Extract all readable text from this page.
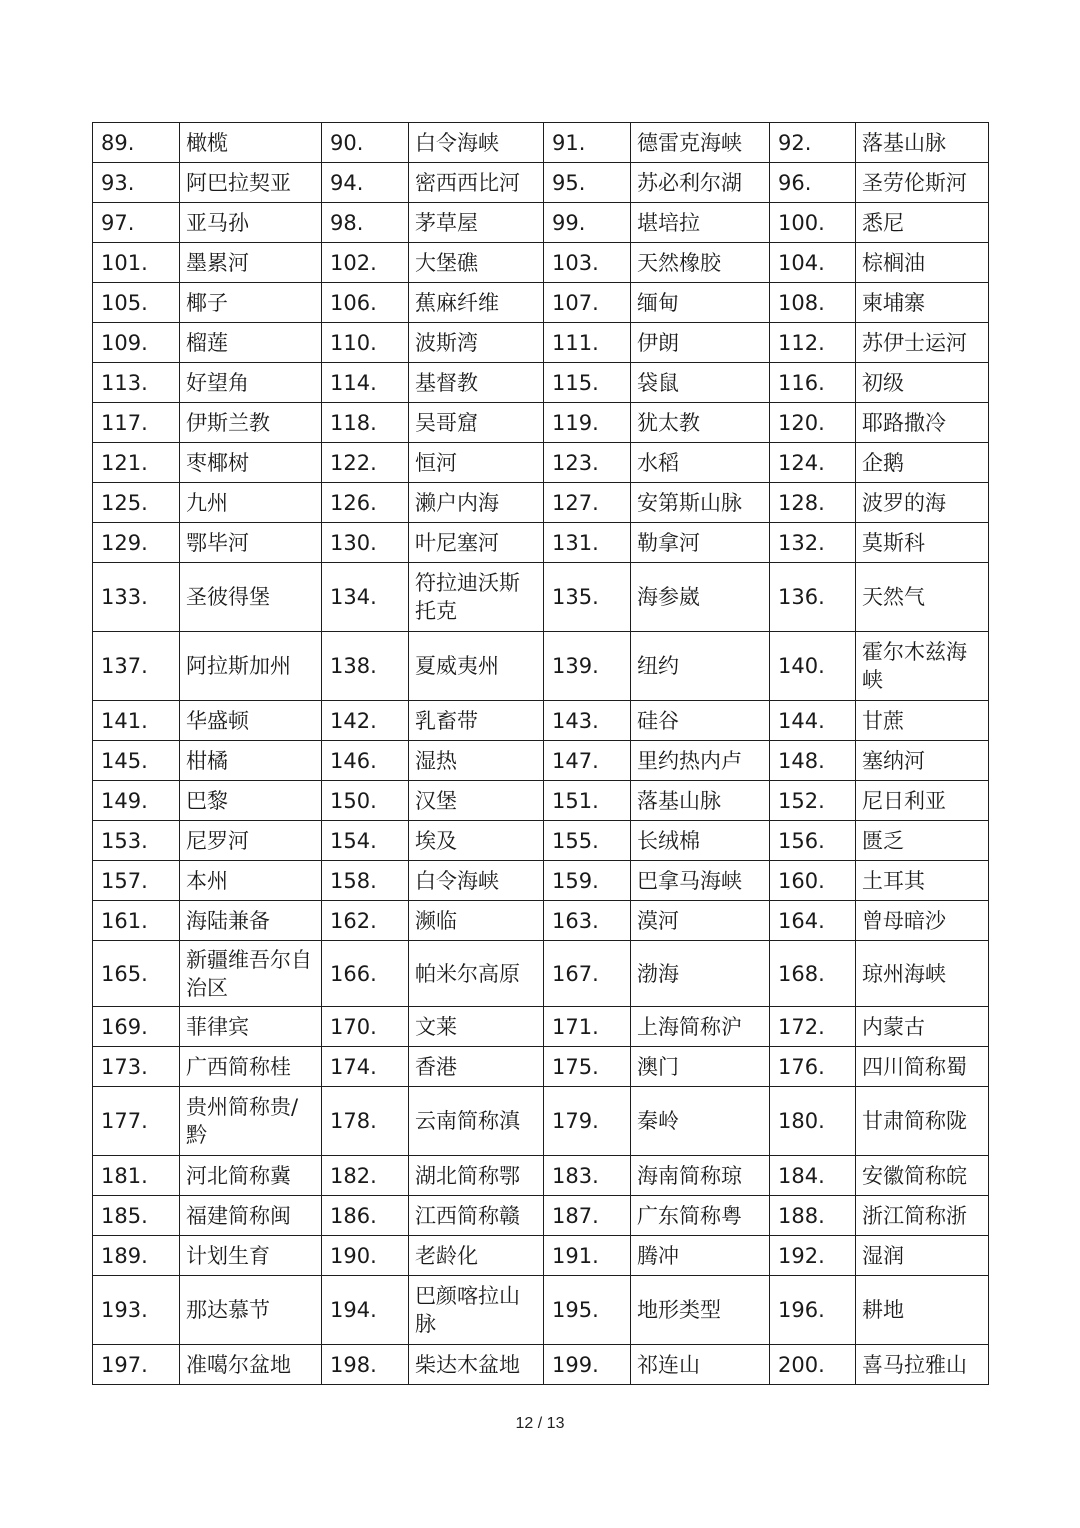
89.	橄榄	90.	白令海峡	91.	德雷克海峡	92.	落基山脉
93.	阿巴拉契亚	94.	密西西比河	95.	苏必利尔湖	96.	圣劳伦斯河
97.	亚马孙	98.	茅草屋	99.	堪培拉	100.	悉尼
101.	墨累河	102.	大堡礁	103.	天然橡胶	104.	棕榈油
105.	椰子	106.	蕉麻纤维	107.	缅甸	108.	柬埔寨
109.	榴莲	110.	波斯湾	111.	伊朗	112.	苏伊士运河
113.	好望角	114.	基督教	115.	袋鼠	116.	初级
117.	伊斯兰教	118.	吴哥窟	119.	犹太教	120.	耶路撒冷
121.	枣椰树	122.	恒河	123.	水稻	124.	企鹅
125.	九州	126.	濑户内海	127.	安第斯山脉	128.	波罗的海
129.	鄂毕河	130.	叶尼塞河	131.	勒拿河	132.	莫斯科
133.	圣彼得堡	134.	符拉迪沃斯托克	135.	海参崴	136.	天然气
137.	阿拉斯加州	138.	夏威夷州	139.	纽约	140.	霍尔木兹海峡
141.	华盛顿	142.	乳畜带	143.	硅谷	144.	甘蔗
145.	柑橘	146.	湿热	147.	里约热内卢	148.	塞纳河
149.	巴黎	150.	汉堡	151.	落基山脉	152.	尼日利亚
153.	尼罗河	154.	埃及	155.	长绒棉	156.	匮乏
157.	本州	158.	白令海峡	159.	巴拿马海峡	160.	土耳其
161.	海陆兼备	162.	濒临	163.	漠河	164.	曾母暗沙
165.	新疆维吾尔自治区	166.	帕米尔高原	167.	渤海	168.	琼州海峡
169.	菲律宾	170.	文莱	171.	上海简称沪	172.	内蒙古
173.	广西简称桂	174.	香港	175.	澳门	176.	四川简称蜀
177.	贵州简称贵/黔	178.	云南简称滇	179.	秦岭	180.	甘肃简称陇
181.	河北简称冀	182.	湖北简称鄂	183.	海南简称琼	184.	安徽简称皖
185.	福建简称闽	186.	江西简称赣	187.	广东简称粤	188.	浙江简称浙
189.	计划生育	190.	老龄化	191.	腾冲	192.	湿润
193.	那达慕节	194.	巴颜喀拉山脉	195.	地形类型	196.	耕地
197.	准噶尔盆地	198.	柴达木盆地	199.	祁连山	200.	喜马拉雅山
12 / 13
